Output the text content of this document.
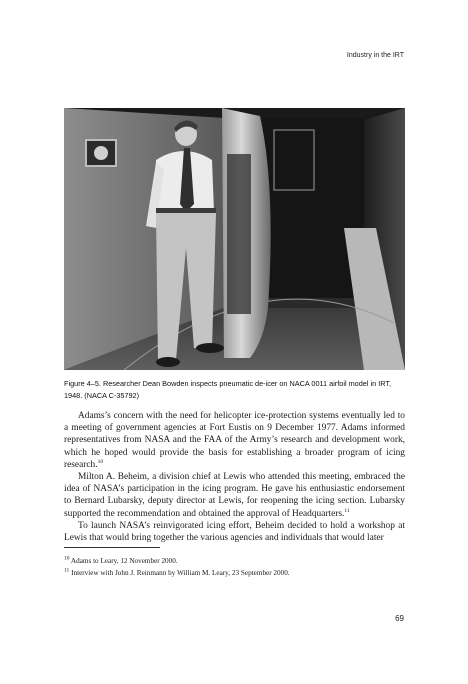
Industry in the IRT
Figure 4–5. Researcher Dean Bowden inspects pneumatic de-icer on NACA 0011 airfoil model in IRT, 1948. (NACA C-35792)

Adams’s concern with the need for helicopter ice-protection systems eventually led to a meeting of government agencies at Fort Eustis on 9 December 1977. Adams informed representatives from NASA and the FAA of the Army’s research and development work, which he hoped would provide the basis for establishing a broader program of icing research.$^{10}$

Milton A. Beheim, a division chief at Lewis who attended this meeting, embraced the idea of NASA’s participation in the icing program. He gave his enthusiastic endorsement to Bernard Lubarsky, deputy director at Lewis, for reopening the icing section. Lubarsky supported the recommendation and obtained the approval of Headquarters.$^{11}$

To launch NASA’s reinvigorated icing effort, Beheim decided to hold a workshop at Lewis that would bring together the various agencies and individuals that would later

$^{10}$ Adams to Leary, 12 November 2000.
$^{11}$ Interview with John J. Reinmann by William M. Leary, 23 September 2000.
69
